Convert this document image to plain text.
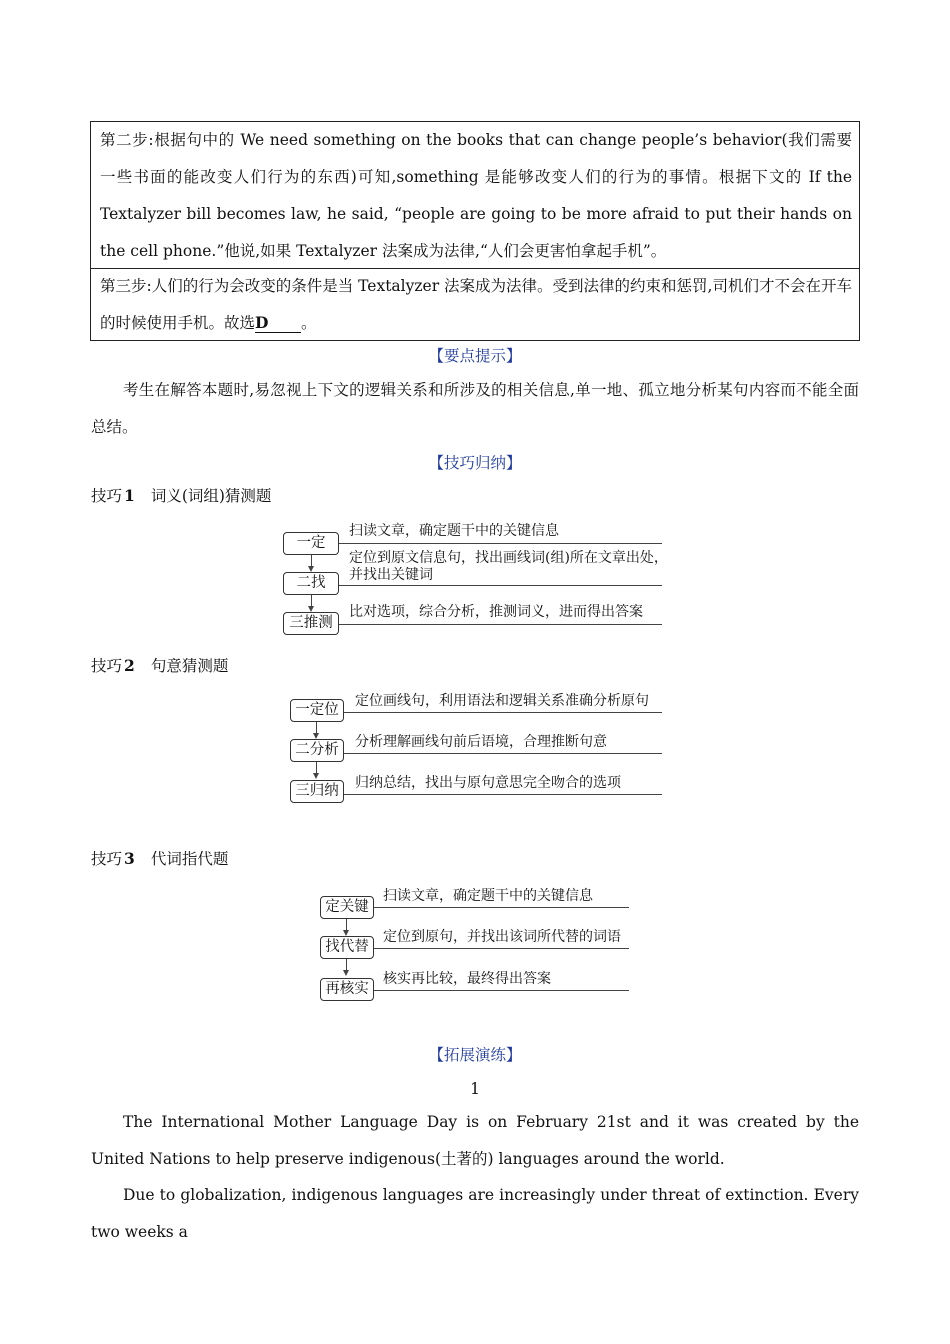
第二步:根据句中的 We need something on the books that can change people’s behavior(我们需要一些书面的能改变人们行为的东西)可知,something 是能够改变人们的行为的事情。根据下文的 If the Textalyzer bill becomes law, he said, “people are going to be more afraid to put their hands on the cell phone.”他说,如果 Textalyzer 法案成为法律,“人们会更害怕拿起手机”。

第三步:人们的行为会改变的条件是当 Textalyzer 法案成为法律。受到法律的约束和惩罚,司机们才不会在开车的时候使用手机。故选D 。

【要点提示】

考生在解答本题时,易忽视上下文的逻辑关系和所涉及的相关信息,单一地、孤立地分析某句内容而不能全面总结。

【技巧归纳】
技巧 1 词义(词组)猜测题
一定
扫读文章，确定题干中的关键信息
二找
定位到原文信息句，找出画线词(组)所在文章出处，
并找出关键词
三推测
比对选项，综合分析，推测词义，进而得出答案
技巧 2 句意猜测题
一定位
定位画线句，利用语法和逻辑关系准确分析原句
二分析	分析理解画线句前后语境，合理推断句意
三归纳	归纳总结，找出与原句意思完全吻合的选项
技巧 3 代词指代题
定关键
扫读文章，确定题干中的关键信息
找代替
定位到原句，并找出该词所代替的词语
再核实
核实再比较，最终得出答案
【拓展演练】
1

The International Mother Language Day is on February 21st and it was created by the United Nations to help preserve indigenous(土著的) languages around the world.

Due to globalization, indigenous languages are increasingly under threat of extinction. Every two weeks a
